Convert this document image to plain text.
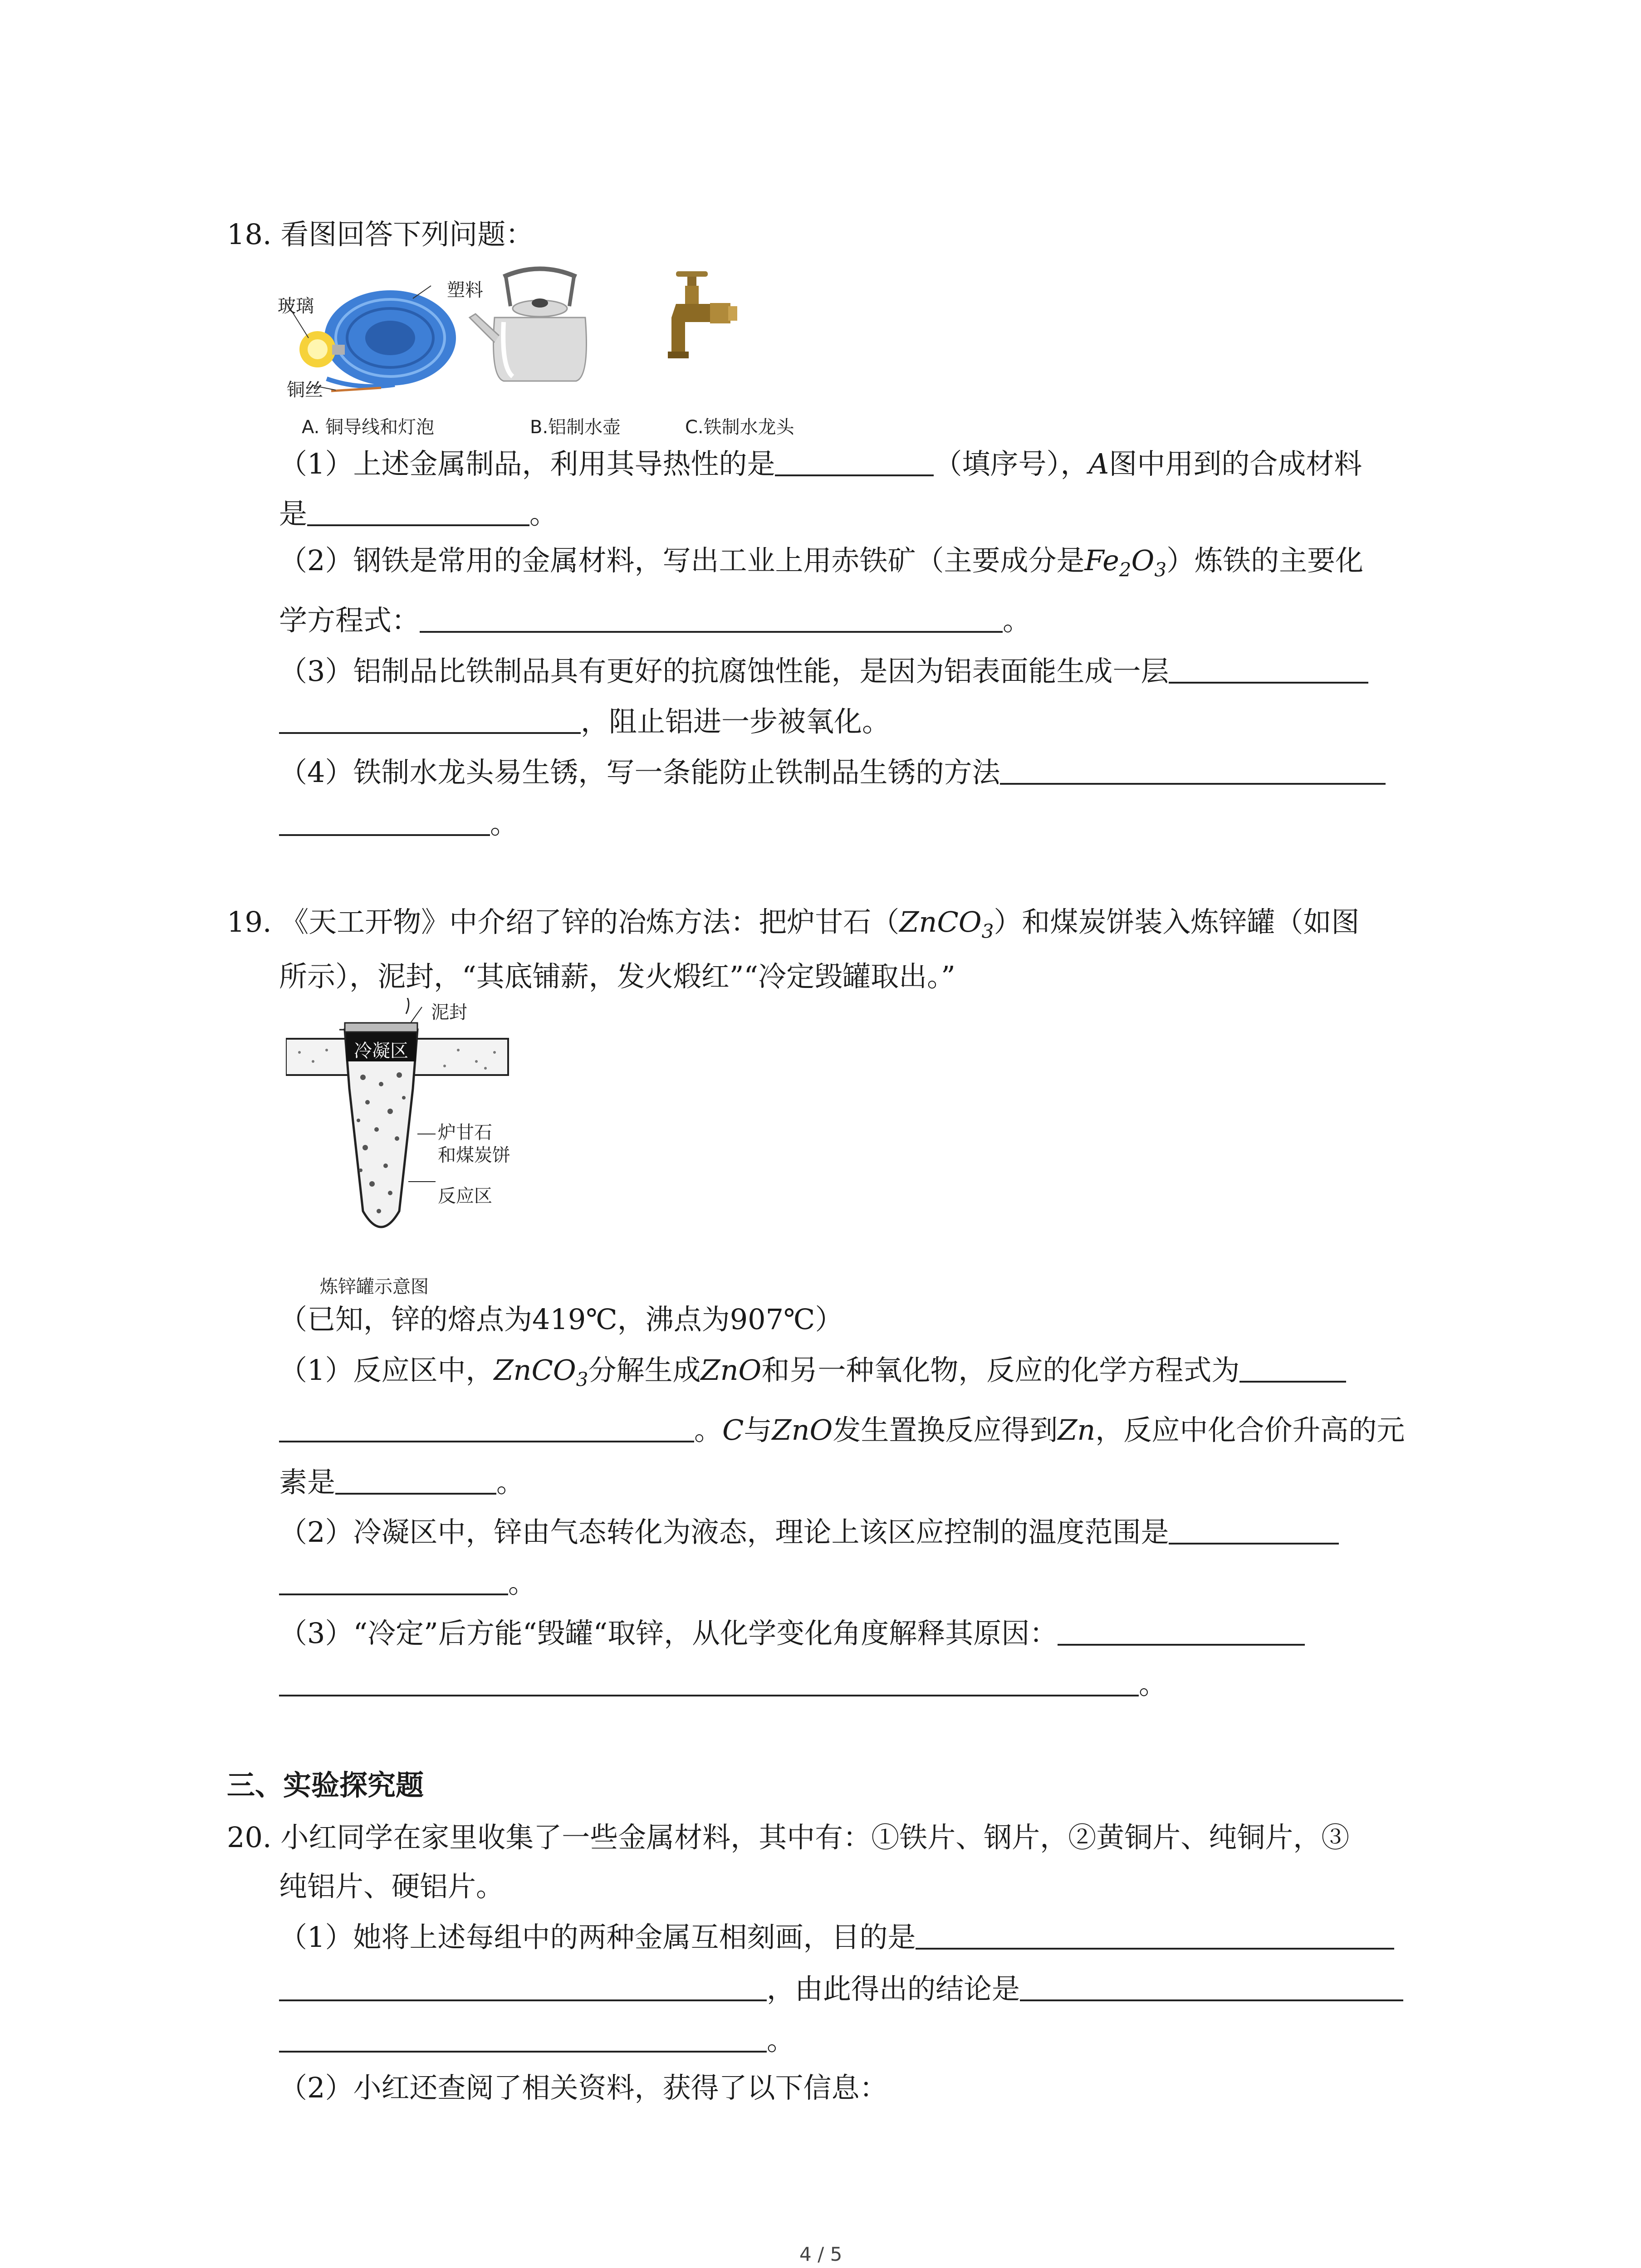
18. 看图回答下列问题：
玻璃
塑料
铜丝
A. 铜导线和灯泡	B.铝制水壶	C.铁制水龙头
（1）上述金属制品，利用其导热性的是	（填序号），A图中用到的合成材料
是	。
（2）钢铁是常用的金属材料，写出工业上用赤铁矿（主要成分是$Fe_2O_3$）炼铁的主要化
学方程式：	。
（3）铝制品比铁制品具有更好的抗腐蚀性能，是因为铝表面能生成一层
，阻止铝进一步被氧化。
（4）铁制水龙头易生锈，写一条能防止铁制品生锈的方法
。
19. 《天工开物》中介绍了锌的冶炼方法：把炉甘石（ZnCO$_3$）和煤炭饼装入炼锌罐（如图
所示），泥封，“其底铺薪，发火煅红”“冷定毁罐取出。”
泥封
冷凝区
炉甘石
和煤炭饼
反应区
炼锌罐示意图
（已知，锌的熔点为419℃，沸点为907℃）
（1）反应区中，ZnCO$_3$分解生成ZnO和另一种氧化物，反应的化学方程式为
。C与ZnO发生置换反应得到Zn，反应中化合价升高的元
素是	。
（2）冷凝区中，锌由气态转化为液态，理论上该区应控制的温度范围是
。
（3）“冷定”后方能“毁罐“取锌，从化学变化角度解释其原因：
。
三、实验探究题
20. 小红同学在家里收集了一些金属材料，其中有：①铁片、钢片，②黄铜片、纯铜片，③
纯铝片、硬铝片。
（1）她将上述每组中的两种金属互相刻画，目的是
，由此得出的结论是
。
（2）小红还查阅了相关资料，获得了以下信息：
4 / 5
